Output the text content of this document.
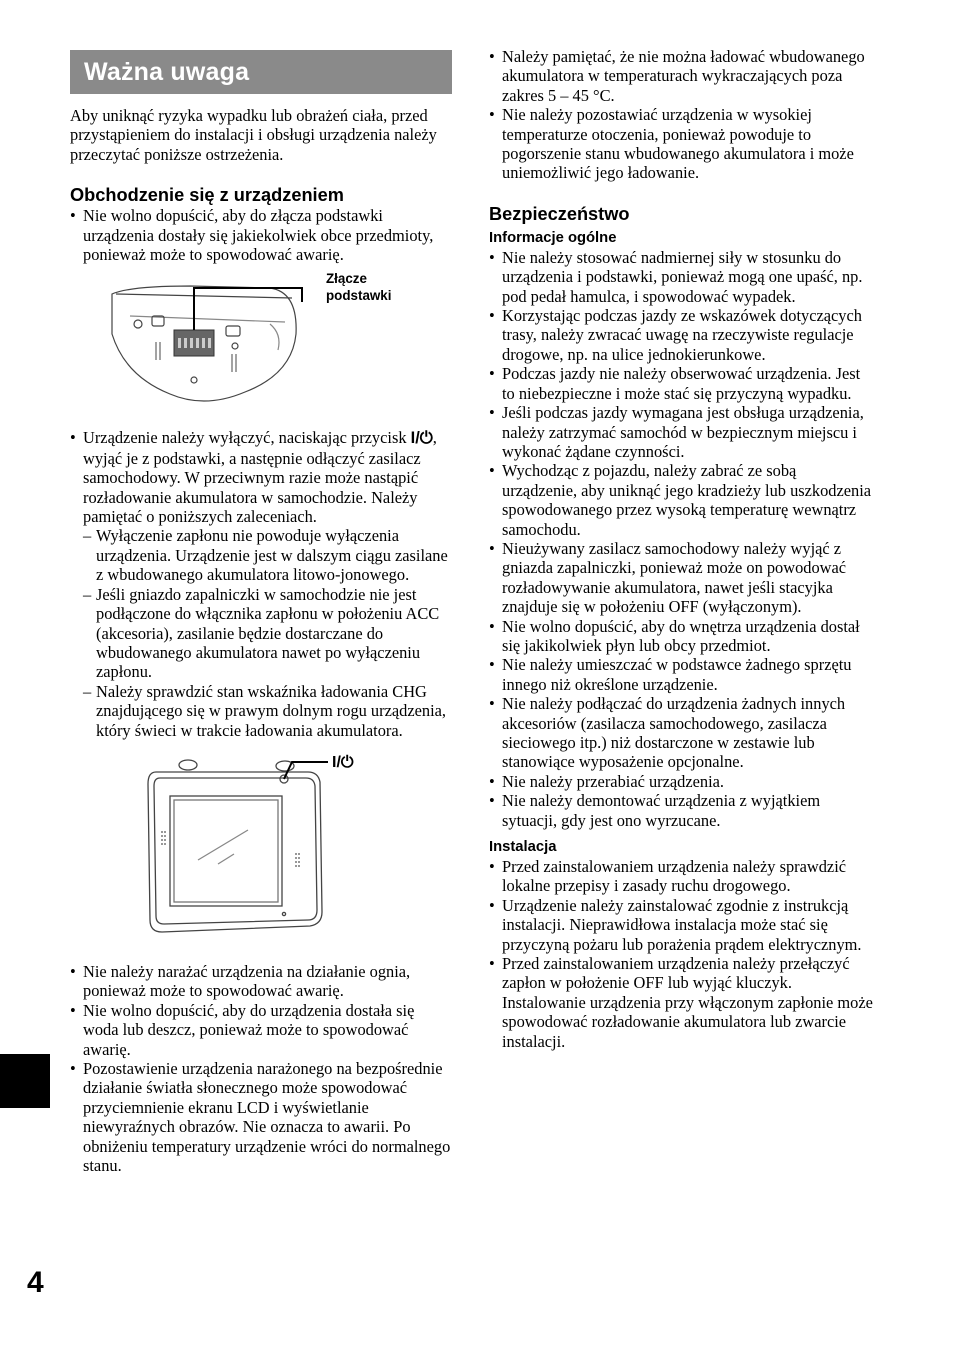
Ważna uwaga

Aby uniknąć ryzyka wypadku lub obrażeń ciała, przed przystąpieniem do instalacji i obsługi urządzenia należy przeczytać poniższe ostrzeżenia.

Obchodzenie się z urządzeniem
• Nie wolno dopuścić, aby do złącza podstawki urządzenia dostały się jakiekolwiek obce przedmioty, ponieważ może to spowodować awarię.
Złącze
podstawki
• Urządzenie należy wyłączyć, naciskając przycisk I/⏻, wyjąć je z podstawki, a następnie odłączyć zasilacz samochodowy. W przeciwnym razie może nastąpić rozładowanie akumulatora w samochodzie. Należy pamiętać o poniższych zaleceniach.
– Wyłączenie zapłonu nie powoduje wyłączenia urządzenia. Urządzenie jest w dalszym ciągu zasilane z wbudowanego akumulatora litowo-jonowego.
– Jeśli gniazdo zapalniczki w samochodzie nie jest podłączone do włącznika zapłonu w położeniu ACC (akcesoria), zasilanie będzie dostarczane do wbudowanego akumulatora nawet po wyłączeniu zapłonu.
– Należy sprawdzić stan wskaźnika ładowania CHG znajdującego się w prawym dolnym rogu urządzenia, który świeci w trakcie ładowania akumulatora.
I/⏻
• Nie należy narażać urządzenia na działanie ognia, ponieważ może to spowodować awarię.
• Nie wolno dopuścić, aby do urządzenia dostała się woda lub deszcz, ponieważ może to spowodować awarię.
• Pozostawienie urządzenia narażonego na bezpośrednie działanie światła słonecznego może spowodować przyciemnienie ekranu LCD i wyświetlanie niewyraźnych obrazów. Nie oznacza to awarii. Po obniżeniu temperatury urządzenie wróci do normalnego stanu.
• Należy pamiętać, że nie można ładować wbudowanego akumulatora w temperaturach wykraczających poza zakres 5 – 45 °C.
• Nie należy pozostawiać urządzenia w wysokiej temperaturze otoczenia, ponieważ powoduje to pogorszenie stanu wbudowanego akumulatora i może uniemożliwić jego ładowanie.
Bezpieczeństwo
Informacje ogólne
• Nie należy stosować nadmiernej siły w stosunku do urządzenia i podstawki, ponieważ mogą one upaść, np. pod pedał hamulca, i spowodować wypadek.
• Korzystając podczas jazdy ze wskazówek dotyczących trasy, należy zwracać uwagę na rzeczywiste regulacje drogowe, np. na ulice jednokierunkowe.
• Podczas jazdy nie należy obserwować urządzenia. Jest to niebezpieczne i może stać się przyczyną wypadku.
• Jeśli podczas jazdy wymagana jest obsługa urządzenia, należy zatrzymać samochód w bezpiecznym miejscu i wykonać żądane czynności.
• Wychodząc z pojazdu, należy zabrać ze sobą urządzenie, aby uniknąć jego kradzieży lub uszkodzenia spowodowanego przez wysoką temperaturę wewnątrz samochodu.
• Nieużywany zasilacz samochodowy należy wyjąć z gniazda zapalniczki, ponieważ może on powodować rozładowywanie akumulatora, nawet jeśli stacyjka znajduje się w położeniu OFF (wyłączonym).
• Nie wolno dopuścić, aby do wnętrza urządzenia dostał się jakikolwiek płyn lub obcy przedmiot.
• Nie należy umieszczać w podstawce żadnego sprzętu innego niż określone urządzenie.
• Nie należy podłączać do urządzenia żadnych innych akcesoriów (zasilacza samochodowego, zasilacza sieciowego itp.) niż dostarczone w zestawie lub stanowiące wyposażenie opcjonalne.
• Nie należy przerabiać urządzenia.
• Nie należy demontować urządzenia z wyjątkiem sytuacji, gdy jest ono wyrzucane.
Instalacja
• Przed zainstalowaniem urządzenia należy sprawdzić lokalne przepisy i zasady ruchu drogowego.
• Urządzenie należy zainstalować zgodnie z instrukcją instalacji. Nieprawidłowa instalacja może stać się przyczyną pożaru lub porażenia prądem elektrycznym.
• Przed zainstalowaniem urządzenia należy przełączyć zapłon w położenie OFF lub wyjąć kluczyk. Instalowanie urządzenia przy włączonym zapłonie może spowodować rozładowanie akumulatora lub zwarcie instalacji.
4
